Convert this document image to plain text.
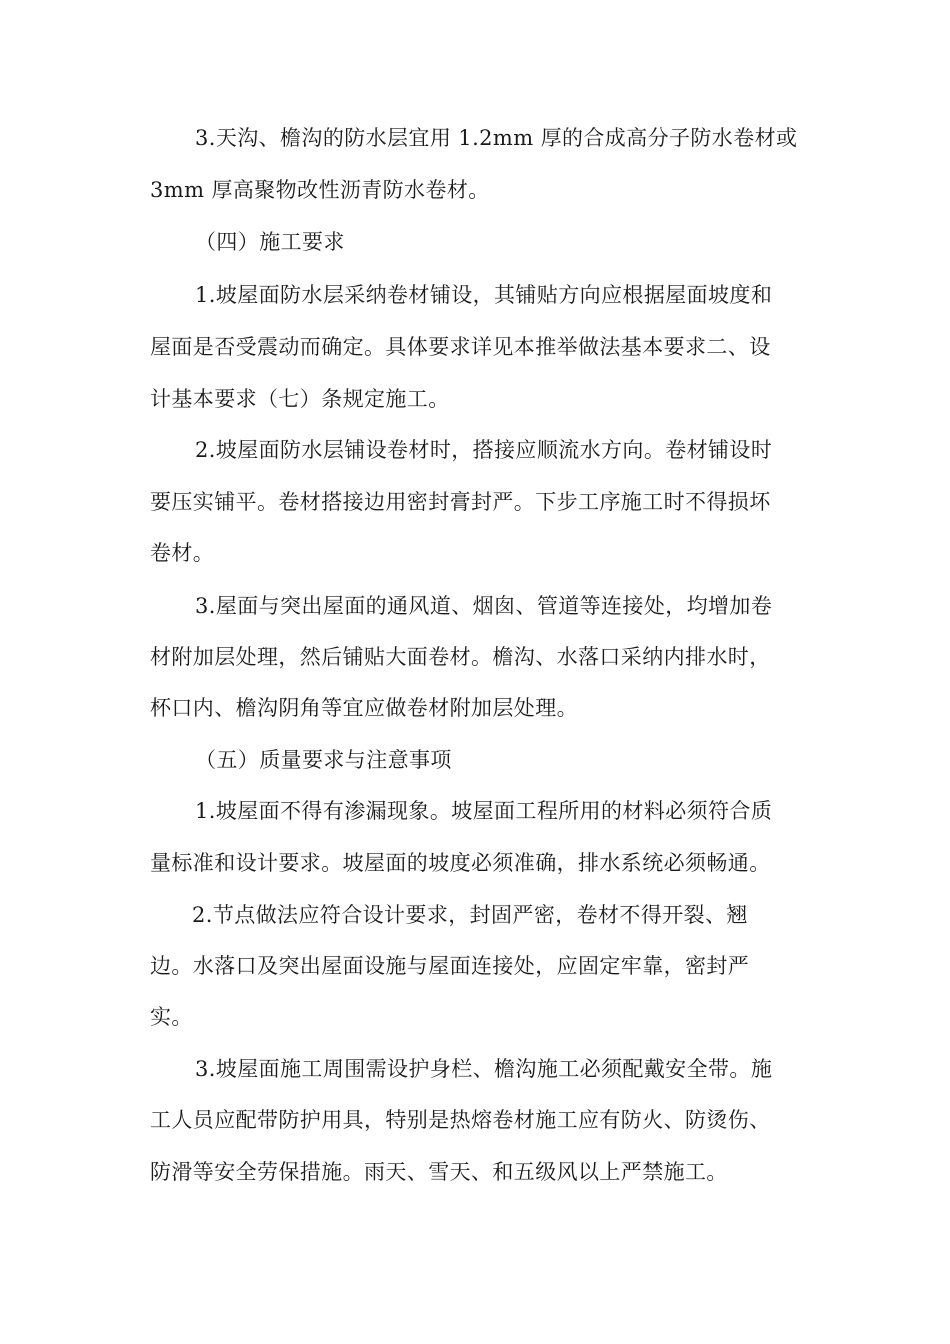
3.天沟、檐沟的防水层宜用 1.2mm 厚的合成高分子防水卷材或
3mm 厚高聚物改性沥青防水卷材。
（四）施工要求
1.坡屋面防水层采纳卷材铺设，其铺贴方向应根据屋面坡度和
屋面是否受震动而确定。具体要求详见本推举做法基本要求二、设
计基本要求（七）条规定施工。
2.坡屋面防水层铺设卷材时，搭接应顺流水方向。卷材铺设时
要压实铺平。卷材搭接边用密封膏封严。下步工序施工时不得损坏
卷材。
3.屋面与突出屋面的通风道、烟囱、管道等连接处，均增加卷
材附加层处理，然后铺贴大面卷材。檐沟、水落口采纳内排水时，
杯口内、檐沟阴角等宜应做卷材附加层处理。
（五）质量要求与注意事项
1.坡屋面不得有渗漏现象。坡屋面工程所用的材料必须符合质
量标准和设计要求。坡屋面的坡度必须准确，排水系统必须畅通。
2.节点做法应符合设计要求，封固严密，卷材不得开裂、翘
边。水落口及突出屋面设施与屋面连接处，应固定牢靠，密封严
实。
3.坡屋面施工周围需设护身栏、檐沟施工必须配戴安全带。施
工人员应配带防护用具，特别是热熔卷材施工应有防火、防烫伤、
防滑等安全劳保措施。雨天、雪天、和五级风以上严禁施工。
